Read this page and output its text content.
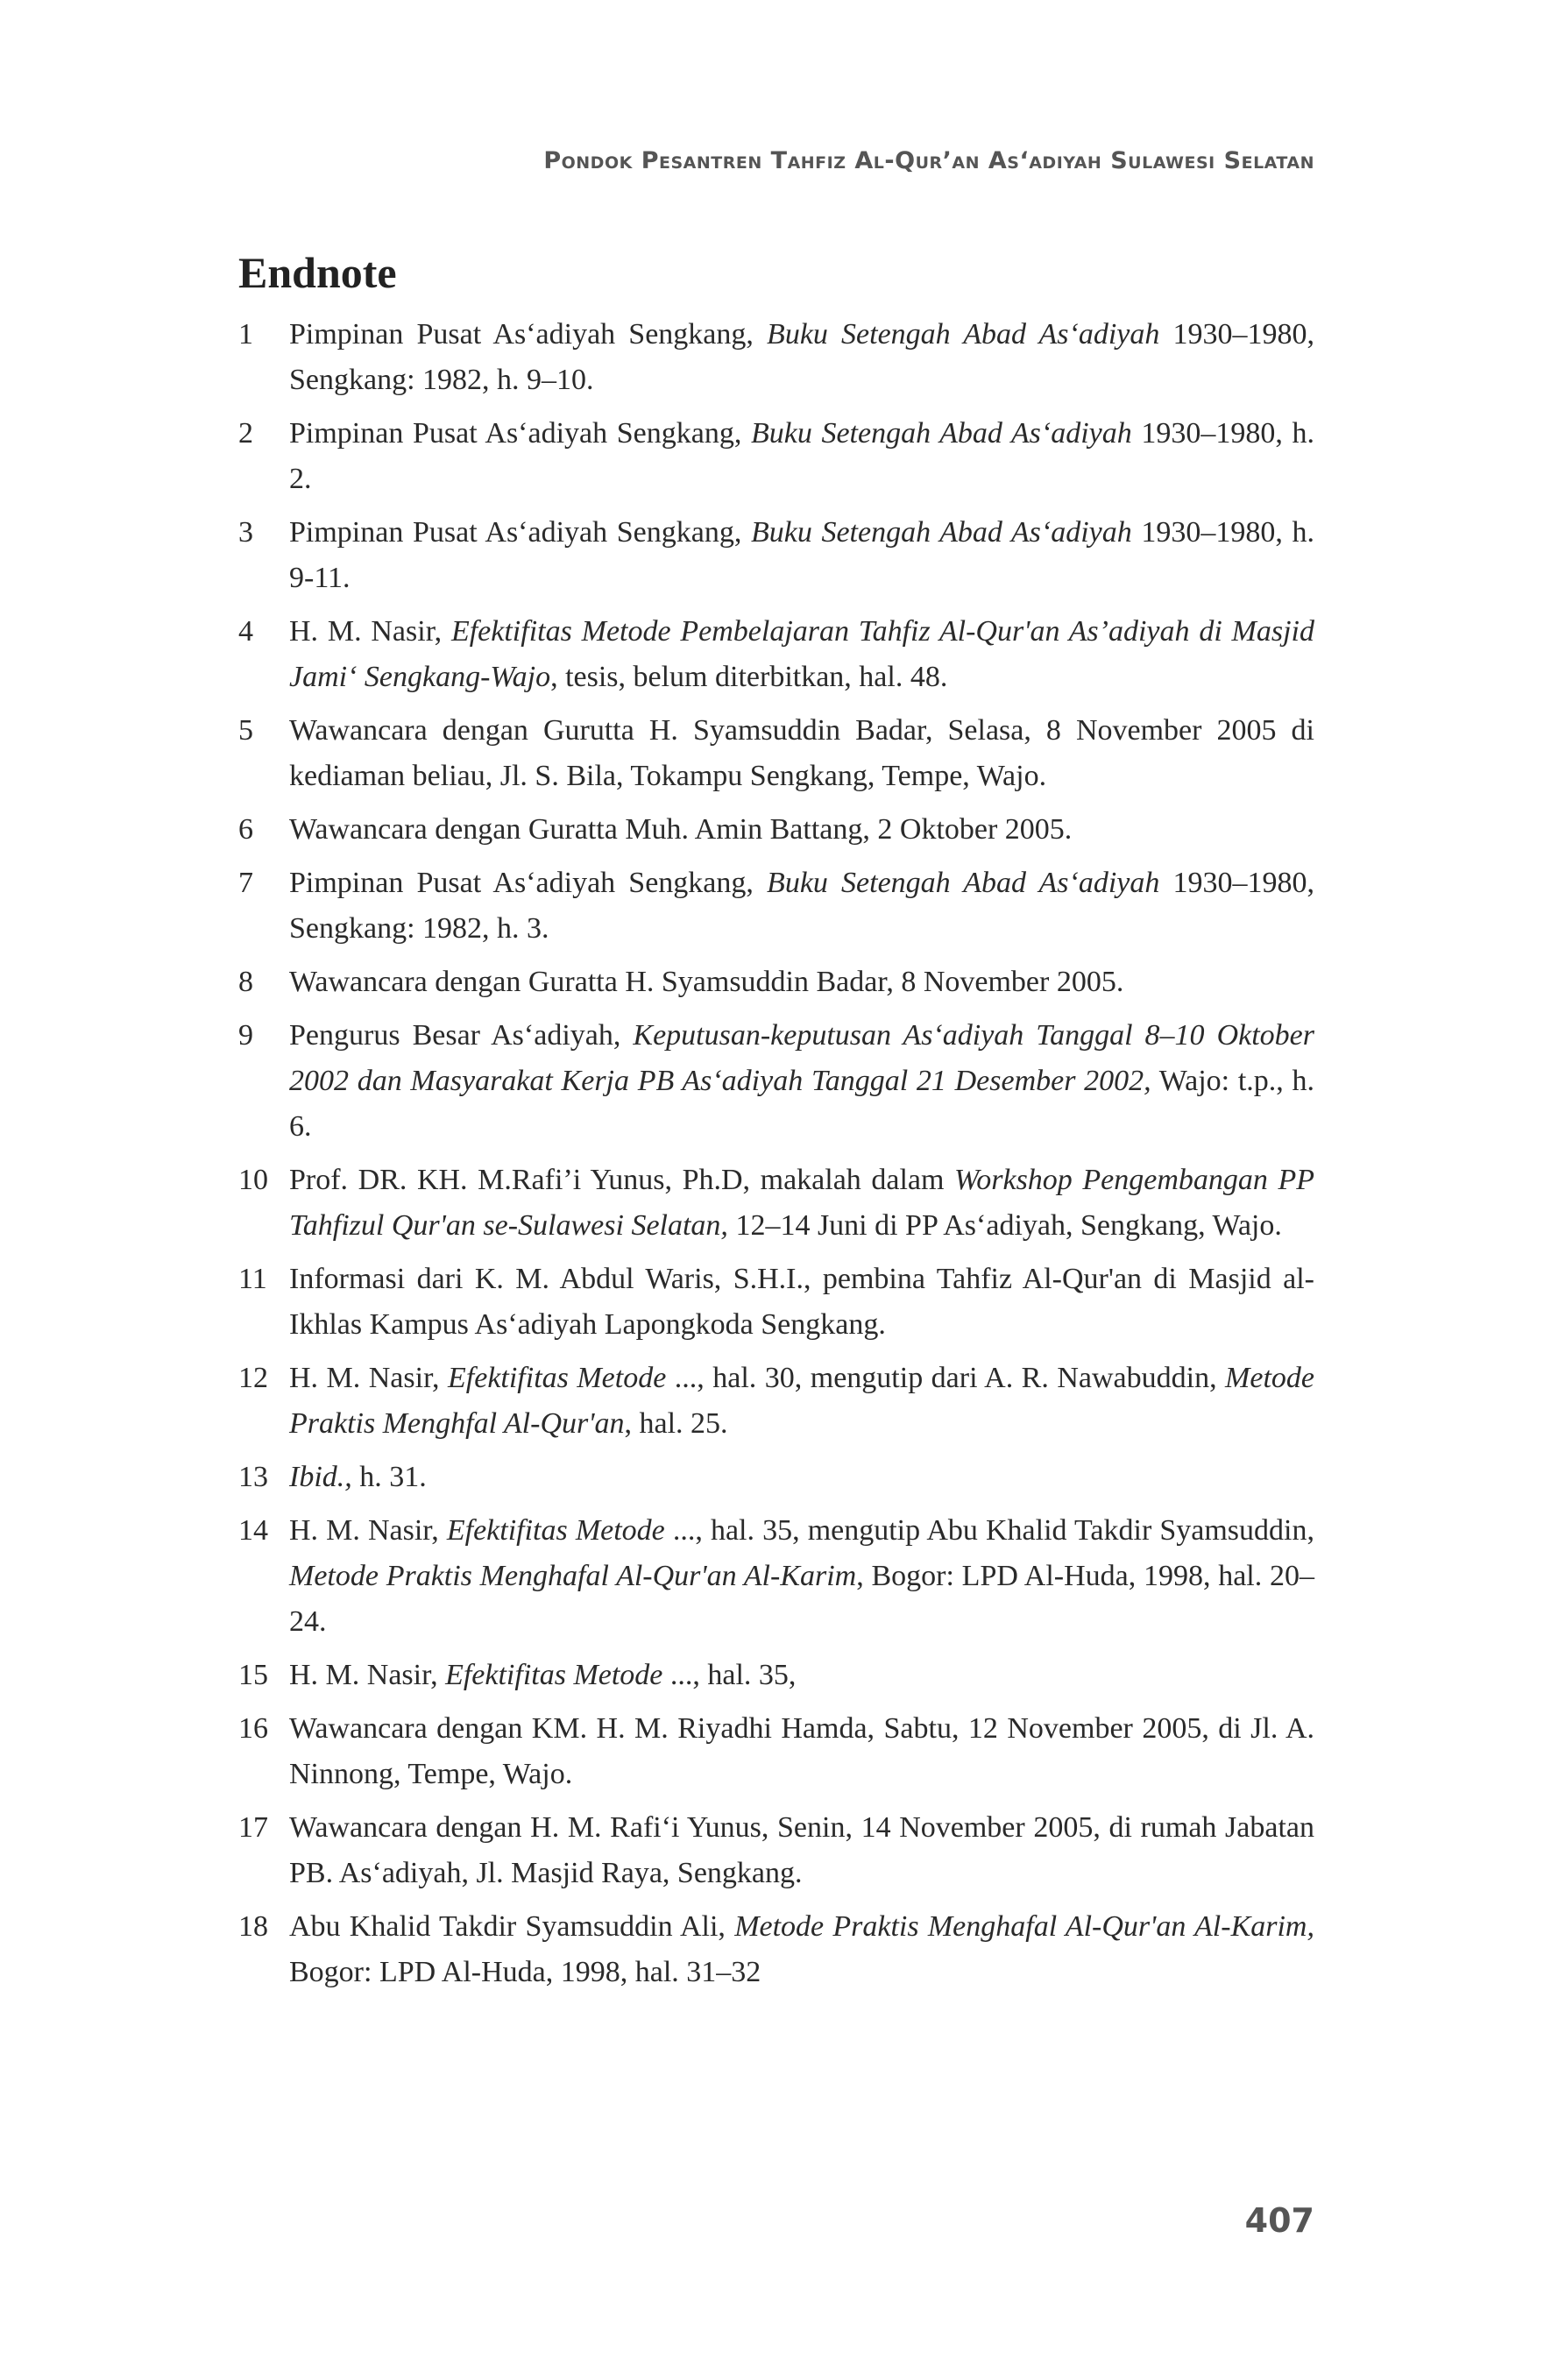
Pondok Pesantren Tahfiz Al-Qur’an As‘adiyah Sulawesi Selatan
Endnote
1	Pimpinan Pusat As‘adiyah Sengkang, Buku Setengah Abad As‘adiyah 1930–1980, Sengkang: 1982, h. 9–10.
2	Pimpinan Pusat As‘adiyah Sengkang, Buku Setengah Abad As‘adiyah 1930–1980, h. 2.
3	Pimpinan Pusat As‘adiyah Sengkang, Buku Setengah Abad As‘adiyah 1930–1980, h. 9-11.
4	H. M. Nasir, Efektifitas Metode Pembelajaran Tahfiz Al-Qur'an As’adiyah di Masjid Jami‘ Sengkang-Wajo, tesis, belum diterbitkan, hal. 48.
5	Wawancara dengan Gurutta H. Syamsuddin Badar, Selasa, 8 November 2005 di kediaman beliau, Jl. S. Bila, Tokampu Sengkang, Tempe, Wajo.
6	Wawancara dengan Guratta Muh. Amin Battang, 2 Oktober 2005.
7	Pimpinan Pusat As‘adiyah Sengkang, Buku Setengah Abad As‘adiyah 1930–1980, Sengkang: 1982, h. 3.
8	Wawancara dengan Guratta H. Syamsuddin Badar, 8 November 2005.
9	Pengurus Besar As‘adiyah, Keputusan-keputusan As‘adiyah Tanggal 8–10 Oktober 2002 dan Masyarakat Kerja PB As‘adiyah Tanggal 21 Desember 2002, Wajo: t.p., h. 6.
10 Prof. DR. KH. M.Rafi’i Yunus, Ph.D, makalah dalam Workshop Pengembangan PP Tahfizul Qur'an se-Sulawesi Selatan, 12–14 Juni di PP As‘adiyah, Sengkang, Wajo.
11 Informasi dari K. M. Abdul Waris, S.H.I., pembina Tahfiz Al-Qur'an di Masjid al-Ikhlas Kampus As‘adiyah Lapongkoda Sengkang.
12 H. M. Nasir, Efektifitas Metode ..., hal. 30, mengutip dari A. R. Nawabuddin, Metode Praktis Menghfal Al-Qur'an, hal. 25.
13 Ibid., h. 31.
14 H. M. Nasir, Efektifitas Metode ..., hal. 35, mengutip Abu Khalid Takdir Syamsuddin, Metode Praktis Menghafal Al-Qur'an Al-Karim, Bogor: LPD Al-Huda, 1998, hal. 20–24.
15 H. M. Nasir, Efektifitas Metode ..., hal. 35,
16 Wawancara dengan KM. H. M. Riyadhi Hamda, Sabtu, 12 November 2005, di Jl. A. Ninnong, Tempe, Wajo.
17 Wawancara dengan H. M. Rafi‘i Yunus, Senin, 14 November 2005, di rumah Jabatan PB. As‘adiyah, Jl. Masjid Raya, Sengkang.
18 Abu Khalid Takdir Syamsuddin Ali, Metode Praktis Menghafal Al-Qur'an Al-Karim, Bogor: LPD Al-Huda, 1998, hal. 31–32
407
